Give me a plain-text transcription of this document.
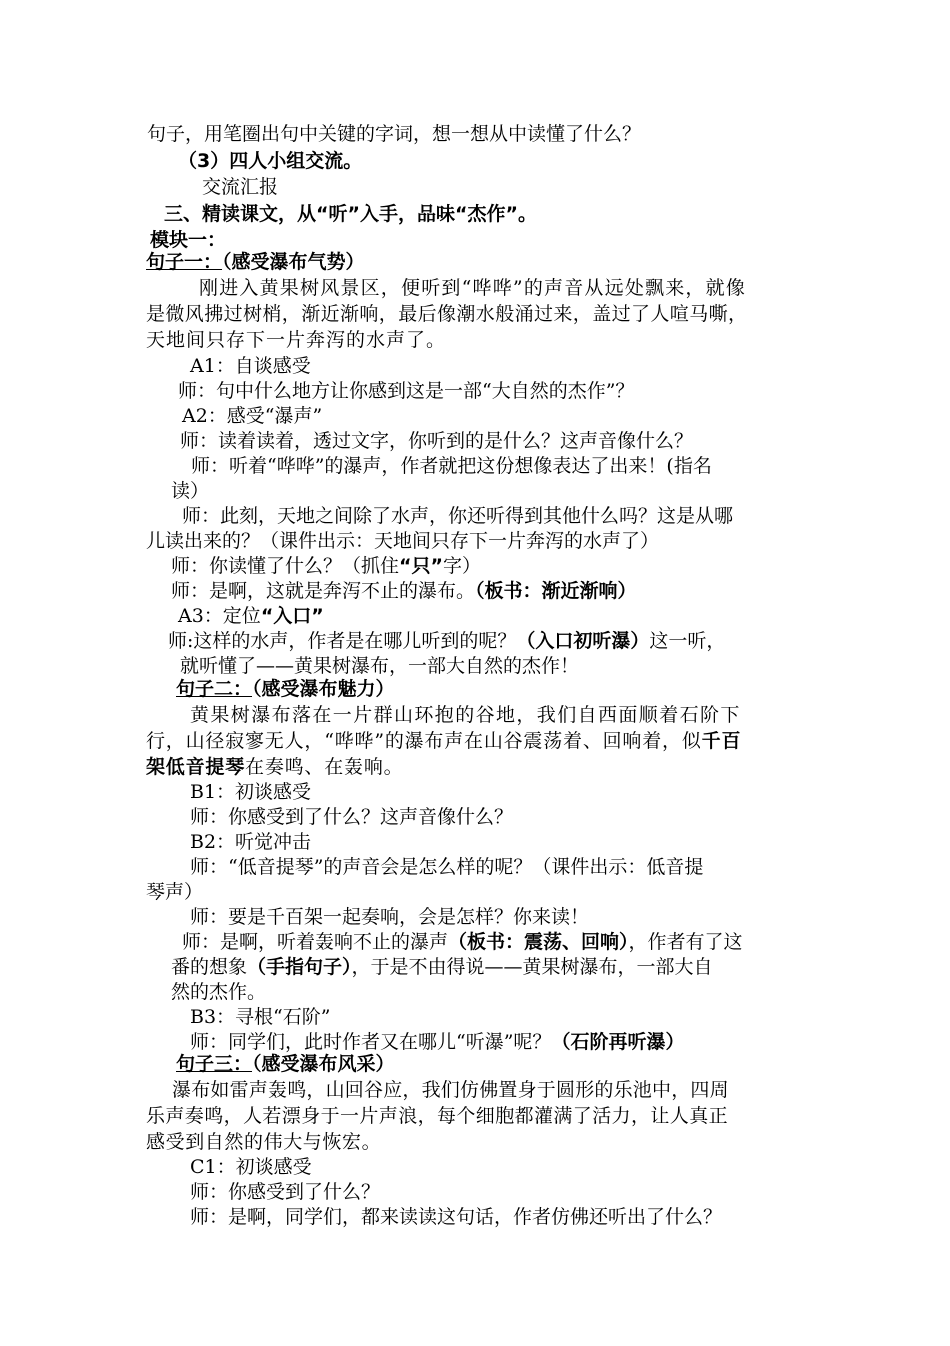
句子，用笔圈出句中关键的字词，想一想从中读懂了什么？
（3）四人小组交流。
交流汇报
三、精读课文，从“听”入手，品味“杰作”。
模块一：
句子一：（感受瀑布气势）
刚进入黄果树风景区，便听到“哗哗”的声音从远处飘来，就像
是微风拂过树梢，渐近渐响，最后像潮水般涌过来，盖过了人喧马嘶，
天地间只存下一片奔泻的水声了。
A1：自谈感受
师：句中什么地方让你感到这是一部“大自然的杰作”？
A2：感受“瀑声”
师：读着读着，透过文字，你听到的是什么？这声音像什么？
师：听着“哗哗”的瀑声，作者就把这份想像表达了出来！(指名
读）
师：此刻，天地之间除了水声，你还听得到其他什么吗？这是从哪
儿读出来的？（课件出示：天地间只存下一片奔泻的水声了）
师：你读懂了什么？（抓住“只”字）
师：是啊，这就是奔泻不止的瀑布。（板书：渐近渐响）
A3：定位“入口”
师:这样的水声，作者是在哪儿听到的呢？（入口初听瀑）这一听，
就听懂了——黄果树瀑布，一部大自然的杰作！
句子二：（感受瀑布魅力）
黄果树瀑布落在一片群山环抱的谷地，我们自西面顺着石阶下
行，山径寂寥无人，“哗哗”的瀑布声在山谷震荡着、回响着，似千百
架低音提琴在奏鸣、在轰响。
B1：初谈感受
师：你感受到了什么？这声音像什么？
B2：听觉冲击
师：“低音提琴”的声音会是怎么样的呢？（课件出示：低音提
琴声）
师：要是千百架一起奏响，会是怎样？你来读！
师：是啊，听着轰响不止的瀑声（板书：震荡、回响），作者有了这
番的想象（手指句子），于是不由得说——黄果树瀑布，一部大自
然的杰作。
B3：寻根“石阶”
师：同学们，此时作者又在哪儿“听瀑”呢？（石阶再听瀑）
句子三：（感受瀑布风采）
瀑布如雷声轰鸣，山回谷应，我们仿佛置身于圆形的乐池中，四周
乐声奏鸣，人若漂身于一片声浪，每个细胞都灌满了活力，让人真正
感受到自然的伟大与恢宏。
C1：初谈感受
师：你感受到了什么？
师：是啊，同学们，都来读读这句话，作者仿佛还听出了什么？
